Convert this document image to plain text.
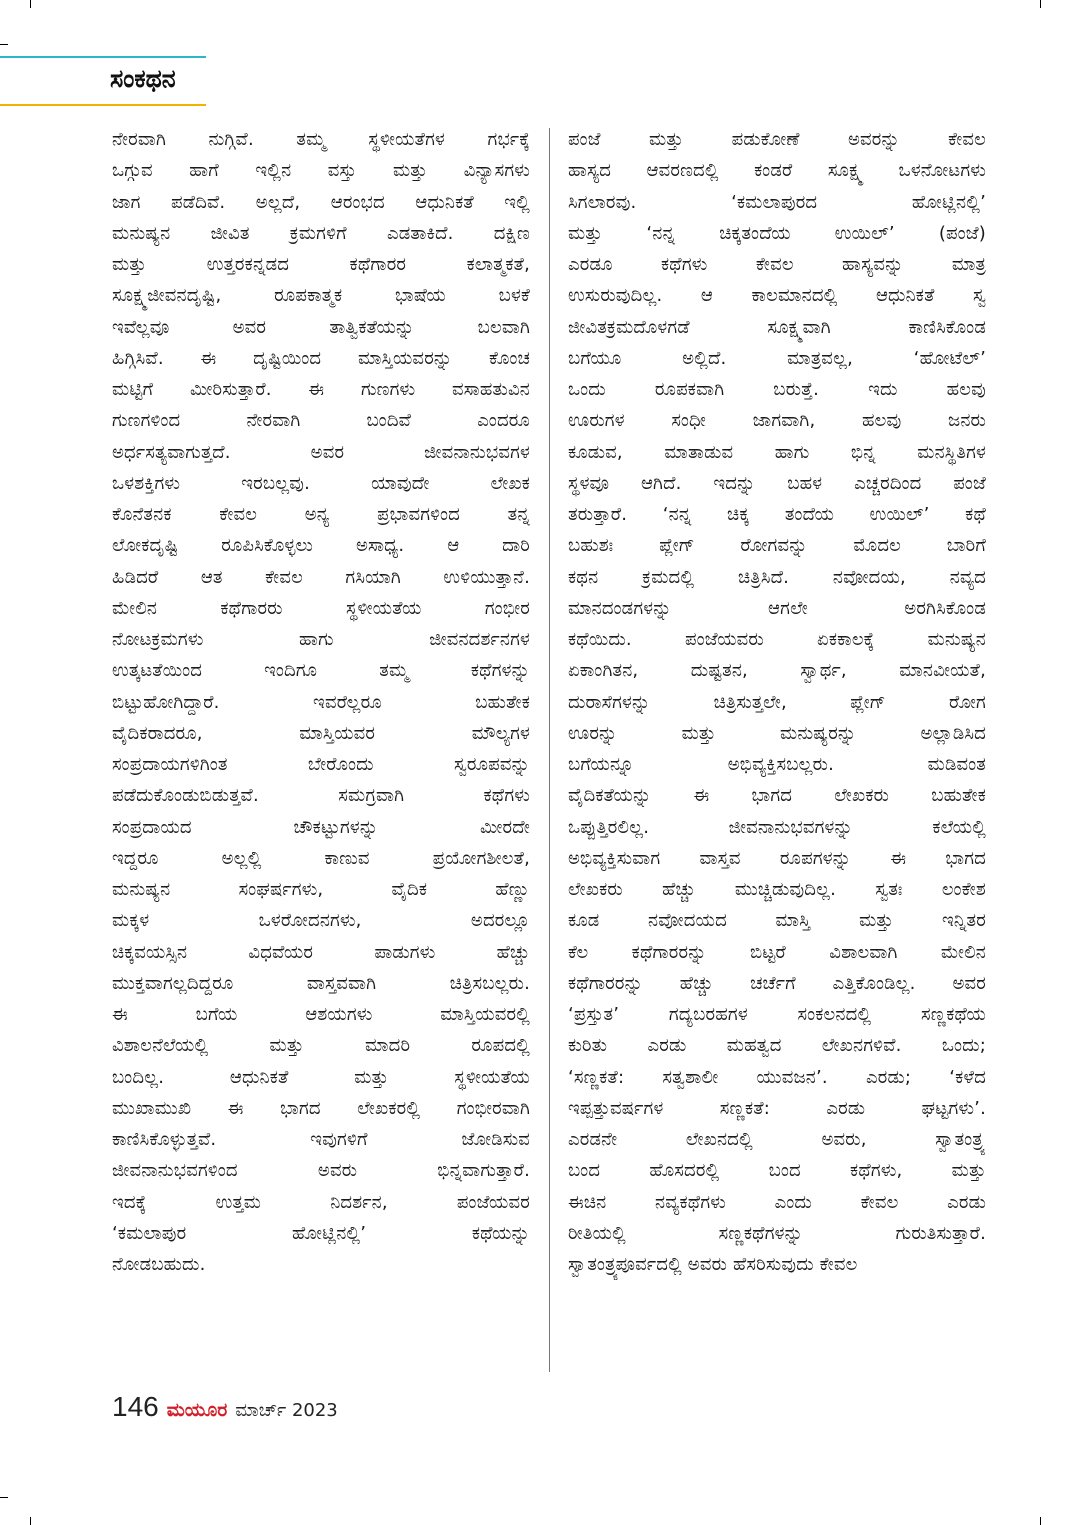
ಸಂಕಥನ
ನೇರವಾಗಿ ನುಗ್ಗಿವೆ. ತಮ್ಮ ಸ್ಥಳೀಯತೆಗಳ ಗರ್ಭಕ್ಕೆ
ಒಗ್ಗುವ ಹಾಗೆ ಇಲ್ಲಿನ ವಸ್ತು ಮತ್ತು ವಿನ್ಯಾಸಗಳು
ಜಾಗ ಪಡೆದಿವೆ. ಅಲ್ಲದೆ, ಆರಂಭದ ಆಧುನಿಕತೆ ಇಲ್ಲಿ
ಮನುಷ್ಯನ ಜೀವಿತ ಕ್ರಮಗಳಿಗೆ ಎಡತಾಕಿದೆ. ದಕ್ಷಿಣ
ಮತ್ತು ಉತ್ತರಕನ್ನಡದ ಕಥೆಗಾರರ ಕಲಾತ್ಮಕತೆ,
ಸೂಕ್ಷ್ಮಜೀವನದೃಷ್ಟಿ, ರೂಪಕಾತ್ಮಕ ಭಾಷೆಯ ಬಳಕೆ
ಇವೆಲ್ಲವೂ ಅವರ ತಾತ್ವಿಕತೆಯನ್ನು ಬಲವಾಗಿ
ಹಿಗ್ಗಿಸಿವೆ. ಈ ದೃಷ್ಟಿಯಿಂದ ಮಾಸ್ತಿಯವರನ್ನು ಕೊಂಚ
ಮಟ್ಟಿಗೆ ಮೀರಿಸುತ್ತಾರೆ. ಈ ಗುಣಗಳು ವಸಾಹತುವಿನ
ಗುಣಗಳಿಂದ ನೇರವಾಗಿ ಬಂದಿವೆ ಎಂದರೂ
ಅರ್ಧಸತ್ಯವಾಗುತ್ತದೆ. ಅವರ ಜೀವನಾನುಭವಗಳ
ಒಳಶಕ್ತಿಗಳು ಇರಬಲ್ಲವು. ಯಾವುದೇ ಲೇಖಕ
ಕೊನೆತನಕ ಕೇವಲ ಅನ್ಯ ಪ್ರಭಾವಗಳಿಂದ ತನ್ನ
ಲೋಕದೃಷ್ಟಿ ರೂಪಿಸಿಕೊಳ್ಳಲು ಅಸಾಧ್ಯ. ಆ ದಾರಿ
ಹಿಡಿದರೆ ಆತ ಕೇವಲ ಗಸಿಯಾಗಿ ಉಳಿಯುತ್ತಾನೆ.
ಮೇಲಿನ ಕಥೆಗಾರರು ಸ್ಥಳೀಯತೆಯ ಗಂಭೀರ
ನೋಟಕ್ರಮಗಳು ಹಾಗು ಜೀವನದರ್ಶನಗಳ
ಉತ್ಕಟತೆಯಿಂದ ಇಂದಿಗೂ ತಮ್ಮ ಕಥೆಗಳನ್ನು
ಬಿಟ್ಟುಹೋಗಿದ್ದಾರೆ. ಇವರೆಲ್ಲರೂ ಬಹುತೇಕ
ವೈದಿಕರಾದರೂ, ಮಾಸ್ತಿಯವರ ಮೌಲ್ಯಗಳ
ಸಂಪ್ರದಾಯಗಳಿಗಿಂತ ಬೇರೊಂದು ಸ್ವರೂಪವನ್ನು
ಪಡೆದುಕೊಂಡುಬಿಡುತ್ತವೆ. ಸಮಗ್ರವಾಗಿ ಕಥೆಗಳು
ಸಂಪ್ರದಾಯದ ಚೌಕಟ್ಟುಗಳನ್ನು ಮೀರದೇ
ಇದ್ದರೂ ಅಲ್ಲಲ್ಲಿ ಕಾಣುವ ಪ್ರಯೋಗಶೀಲತೆ,
ಮನುಷ್ಯನ ಸಂಘರ್ಷಗಳು, ವೈದಿಕ ಹೆಣ್ಣು
ಮಕ್ಕಳ ಒಳರೋದನಗಳು, ಅದರಲ್ಲೂ
ಚಿಕ್ಕವಯಸ್ಸಿನ ವಿಧವೆಯರ ಪಾಡುಗಳು ಹೆಚ್ಚು
ಮುಕ್ತವಾಗಲ್ಲದಿದ್ದರೂ ವಾಸ್ತವವಾಗಿ ಚಿತ್ರಿಸಬಲ್ಲರು.
ಈ ಬಗೆಯ ಆಶಯಗಳು ಮಾಸ್ತಿಯವರಲ್ಲಿ
ವಿಶಾಲನೆಲೆಯಲ್ಲಿ ಮತ್ತು ಮಾದರಿ ರೂಪದಲ್ಲಿ
ಬಂದಿಲ್ಲ. ಆಧುನಿಕತೆ ಮತ್ತು ಸ್ಥಳೀಯತೆಯ
ಮುಖಾಮುಖಿ ಈ ಭಾಗದ ಲೇಖಕರಲ್ಲಿ ಗಂಭೀರವಾಗಿ
ಕಾಣಿಸಿಕೊಳ್ಳುತ್ತವೆ. ಇವುಗಳಿಗೆ ಜೋಡಿಸುವ
ಜೀವನಾನುಭವಗಳಿಂದ ಅವರು ಭಿನ್ನವಾಗುತ್ತಾರೆ.
ಇದಕ್ಕೆ ಉತ್ತಮ ನಿದರ್ಶನ, ಪಂಜೆಯವರ
‘ಕಮಲಾಪುರ ಹೋಟ್ಲಿನಲ್ಲಿ’ ಕಥೆಯನ್ನು
ನೋಡಬಹುದು.
ಪಂಜೆ ಮತ್ತು ಪಡುಕೋಣೆ ಅವರನ್ನು ಕೇವಲ
ಹಾಸ್ಯದ ಆವರಣದಲ್ಲಿ ಕಂಡರೆ ಸೂಕ್ಷ್ಮ ಒಳನೋಟಗಳು
ಸಿಗಲಾರವು. ‘ಕಮಲಾಪುರದ ಹೋಟ್ಲಿನಲ್ಲಿ’
ಮತ್ತು ‘ನನ್ನ ಚಿಕ್ಕತಂದೆಯ ಉಯಿಲ್’ (ಪಂಜೆ)
ಎರಡೂ ಕಥೆಗಳು ಕೇವಲ ಹಾಸ್ಯವನ್ನು ಮಾತ್ರ
ಉಸುರುವುದಿಲ್ಲ. ಆ ಕಾಲಮಾನದಲ್ಲಿ ಆಧುನಿಕತೆ ಸ್ವ
ಜೀವಿತಕ್ರಮದೊಳಗಡೆ ಸೂಕ್ಷ್ಮವಾಗಿ ಕಾಣಿಸಿಕೊಂಡ
ಬಗೆಯೂ ಅಲ್ಲಿದೆ. ಮಾತ್ರವಲ್ಲ, ‘ಹೋಟೆಲ್’
ಒಂದು ರೂಪಕವಾಗಿ ಬರುತ್ತೆ. ಇದು ಹಲವು
ಊರುಗಳ ಸಂಧೀ ಜಾಗವಾಗಿ, ಹಲವು ಜನರು
ಕೂಡುವ, ಮಾತಾಡುವ ಹಾಗು ಭಿನ್ನ ಮನಸ್ಥಿತಿಗಳ
ಸ್ಥಳವೂ ಆಗಿದೆ. ಇದನ್ನು ಬಹಳ ಎಚ್ಚರದಿಂದ ಪಂಜೆ
ತರುತ್ತಾರೆ. ‘ನನ್ನ ಚಿಕ್ಕ ತಂದೆಯ ಉಯಿಲ್’ ಕಥೆ
ಬಹುಶಃ ಪ್ಲೇಗ್ ರೋಗವನ್ನು ಮೊದಲ ಬಾರಿಗೆ
ಕಥನ ಕ್ರಮದಲ್ಲಿ ಚಿತ್ರಿಸಿದೆ. ನವೋದಯ, ನವ್ಯದ
ಮಾನದಂಡಗಳನ್ನು ಆಗಲೇ ಅರಗಿಸಿಕೊಂಡ
ಕಥೆಯಿದು. ಪಂಜೆಯವರು ಏಕಕಾಲಕ್ಕೆ ಮನುಷ್ಯನ
ಏಕಾಂಗಿತನ, ದುಷ್ಟತನ, ಸ್ವಾರ್ಥ, ಮಾನವೀಯತೆ,
ದುರಾಸೆಗಳನ್ನು ಚಿತ್ರಿಸುತ್ತಲೇ, ಪ್ಲೇಗ್ ರೋಗ
ಊರನ್ನು ಮತ್ತು ಮನುಷ್ಯರನ್ನು ಅಲ್ಲಾಡಿಸಿದ
ಬಗೆಯನ್ನೂ ಅಭಿವ್ಯಕ್ತಿಸಬಲ್ಲರು. ಮಡಿವಂತ
ವೈದಿಕತೆಯನ್ನು ಈ ಭಾಗದ ಲೇಖಕರು ಬಹುತೇಕ
ಒಪ್ಪುತ್ತಿರಲಿಲ್ಲ. ಜೀವನಾನುಭವಗಳನ್ನು ಕಲೆಯಲ್ಲಿ
ಅಭಿವ್ಯಕ್ತಿಸುವಾಗ ವಾಸ್ತವ ರೂಪಗಳನ್ನು ಈ ಭಾಗದ
ಲೇಖಕರು ಹೆಚ್ಚು ಮುಚ್ಚಿಡುವುದಿಲ್ಲ. ಸ್ವತಃ ಲಂಕೇಶ
ಕೂಡ ನವೋದಯದ ಮಾಸ್ತಿ ಮತ್ತು ಇನ್ನಿತರ
ಕೆಲ ಕಥೆಗಾರರನ್ನು ಬಿಟ್ಟರೆ ವಿಶಾಲವಾಗಿ ಮೇಲಿನ
ಕಥೆಗಾರರನ್ನು ಹೆಚ್ಚು ಚರ್ಚೆಗೆ ಎತ್ತಿಕೊಂಡಿಲ್ಲ. ಅವರ
‘ಪ್ರಸ್ತುತ’ ಗದ್ಯಬರಹಗಳ ಸಂಕಲನದಲ್ಲಿ ಸಣ್ಣಕಥೆಯ
ಕುರಿತು ಎರಡು ಮಹತ್ವದ ಲೇಖನಗಳಿವೆ. ಒಂದು;
‘ಸಣ್ಣಕತೆ: ಸತ್ವಶಾಲೀ ಯುವಜನ’. ಎರಡು; ‘ಕಳೆದ
ಇಪ್ಪತ್ತುವರ್ಷಗಳ ಸಣ್ಣಕತೆ: ಎರಡು ಘಟ್ಟಗಳು’.
ಎರಡನೇ ಲೇಖನದಲ್ಲಿ ಅವರು, ಸ್ವಾತಂತ್ರ್ಯ
ಬಂದ ಹೊಸದರಲ್ಲಿ ಬಂದ ಕಥೆಗಳು, ಮತ್ತು
ಈಚಿನ ನವ್ಯಕಥೆಗಳು ಎಂದು ಕೇವಲ ಎರಡು
ರೀತಿಯಲ್ಲಿ ಸಣ್ಣಕಥೆಗಳನ್ನು ಗುರುತಿಸುತ್ತಾರೆ.
ಸ್ವಾತಂತ್ರ್ಯಪೂರ್ವದಲ್ಲಿ ಅವರು ಹೆಸರಿಸುವುದು ಕೇವಲ
146 ಮಯೂರ ಮಾರ್ಚ್ 2023
